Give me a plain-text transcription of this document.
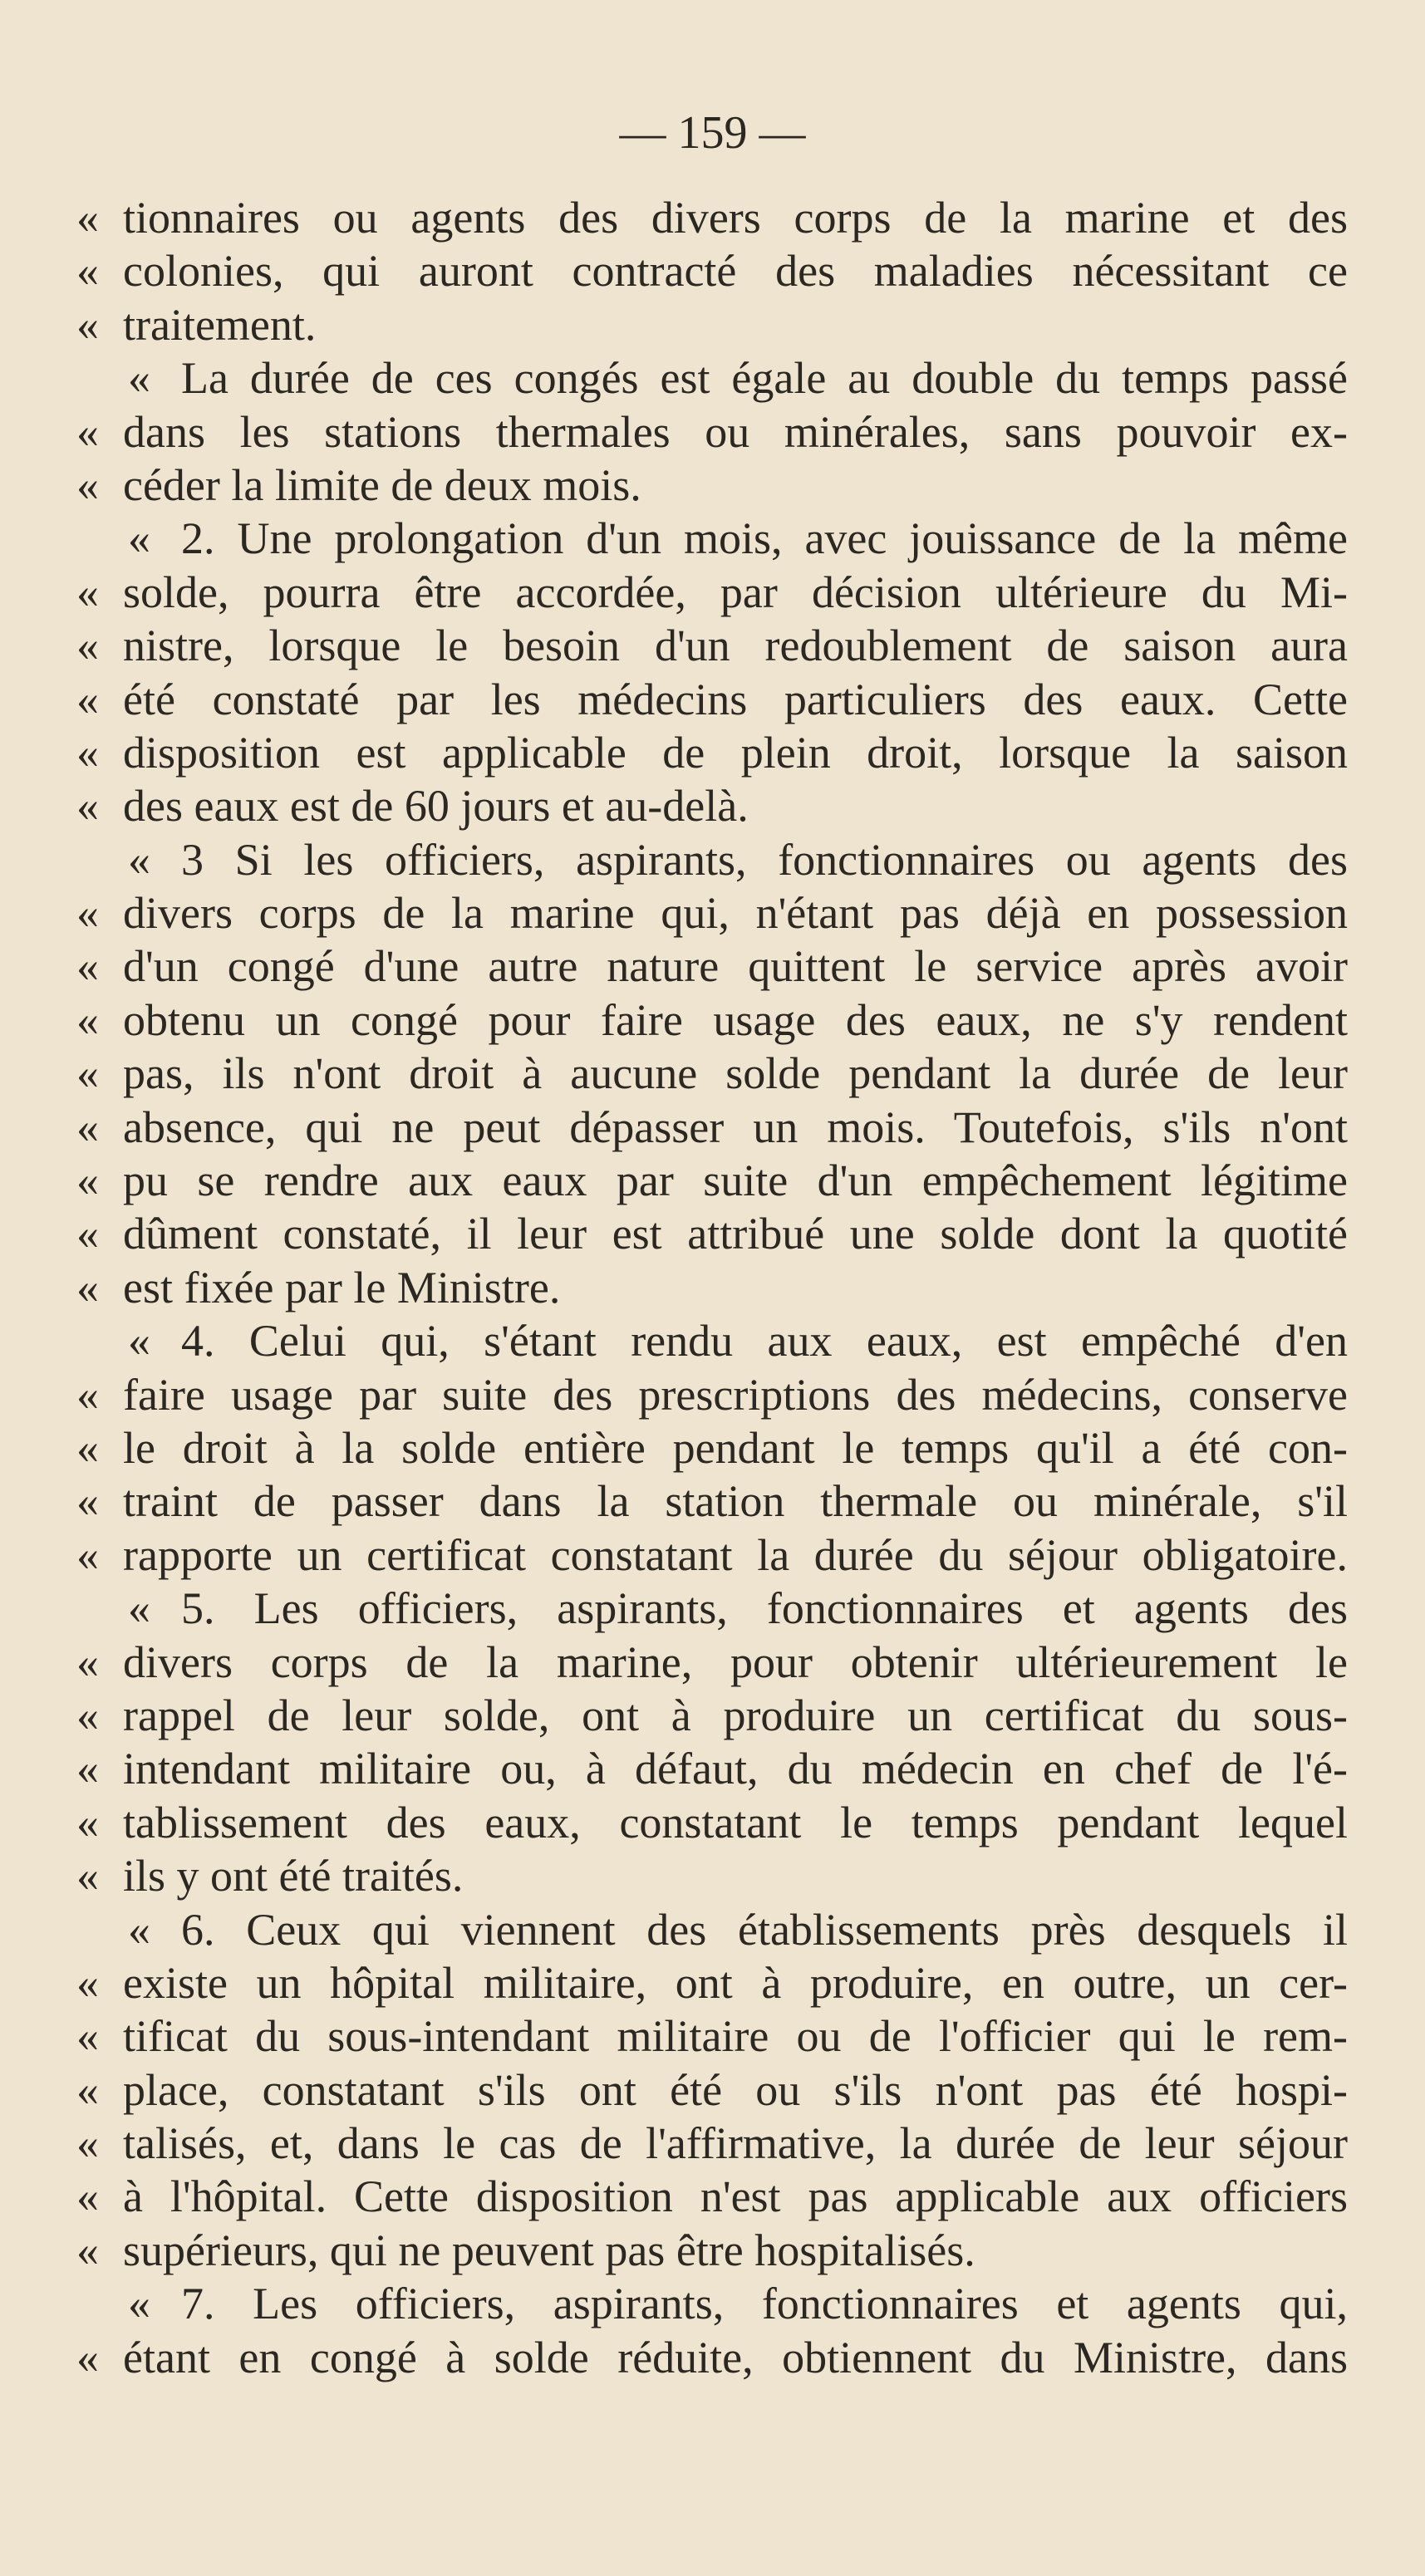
— 159 —
« tionnaires ou agents des divers corps de la marine et des
« colonies, qui auront contracté des maladies nécessitant ce
« traitement.
« La durée de ces congés est égale au double du temps passé
« dans les stations thermales ou minérales, sans pouvoir ex-
« céder la limite de deux mois.
« 2. Une prolongation d'un mois, avec jouissance de la même
« solde, pourra être accordée, par décision ultérieure du Mi-
« nistre, lorsque le besoin d'un redoublement de saison aura
« été constaté par les médecins particuliers des eaux. Cette
« disposition est applicable de plein droit, lorsque la saison
« des eaux est de 60 jours et au-delà.
« 3 Si les officiers, aspirants, fonctionnaires ou agents des
« divers corps de la marine qui, n'étant pas déjà en possession
« d'un congé d'une autre nature quittent le service après avoir
« obtenu un congé pour faire usage des eaux, ne s'y rendent
« pas, ils n'ont droit à aucune solde pendant la durée de leur
« absence, qui ne peut dépasser un mois. Toutefois, s'ils n'ont
« pu se rendre aux eaux par suite d'un empêchement légitime
« dûment constaté, il leur est attribué une solde dont la quotité
« est fixée par le Ministre.
« 4. Celui qui, s'étant rendu aux eaux, est empêché d'en
« faire usage par suite des prescriptions des médecins, conserve
« le droit à la solde entière pendant le temps qu'il a été con-
« traint de passer dans la station thermale ou minérale, s'il
« rapporte un certificat constatant la durée du séjour obligatoire.
« 5. Les officiers, aspirants, fonctionnaires et agents des
« divers corps de la marine, pour obtenir ultérieurement le
« rappel de leur solde, ont à produire un certificat du sous-
« intendant militaire ou, à défaut, du médecin en chef de l'é-
« tablissement des eaux, constatant le temps pendant lequel
« ils y ont été traités.
« 6. Ceux qui viennent des établissements près desquels il
« existe un hôpital militaire, ont à produire, en outre, un cer-
« tificat du sous-intendant militaire ou de l'officier qui le rem-
« place, constatant s'ils ont été ou s'ils n'ont pas été hospi-
« talisés, et, dans le cas de l'affirmative, la durée de leur séjour
« à l'hôpital. Cette disposition n'est pas applicable aux officiers
« supérieurs, qui ne peuvent pas être hospitalisés.
« 7. Les officiers, aspirants, fonctionnaires et agents qui,
« étant en congé à solde réduite, obtiennent du Ministre, dans
